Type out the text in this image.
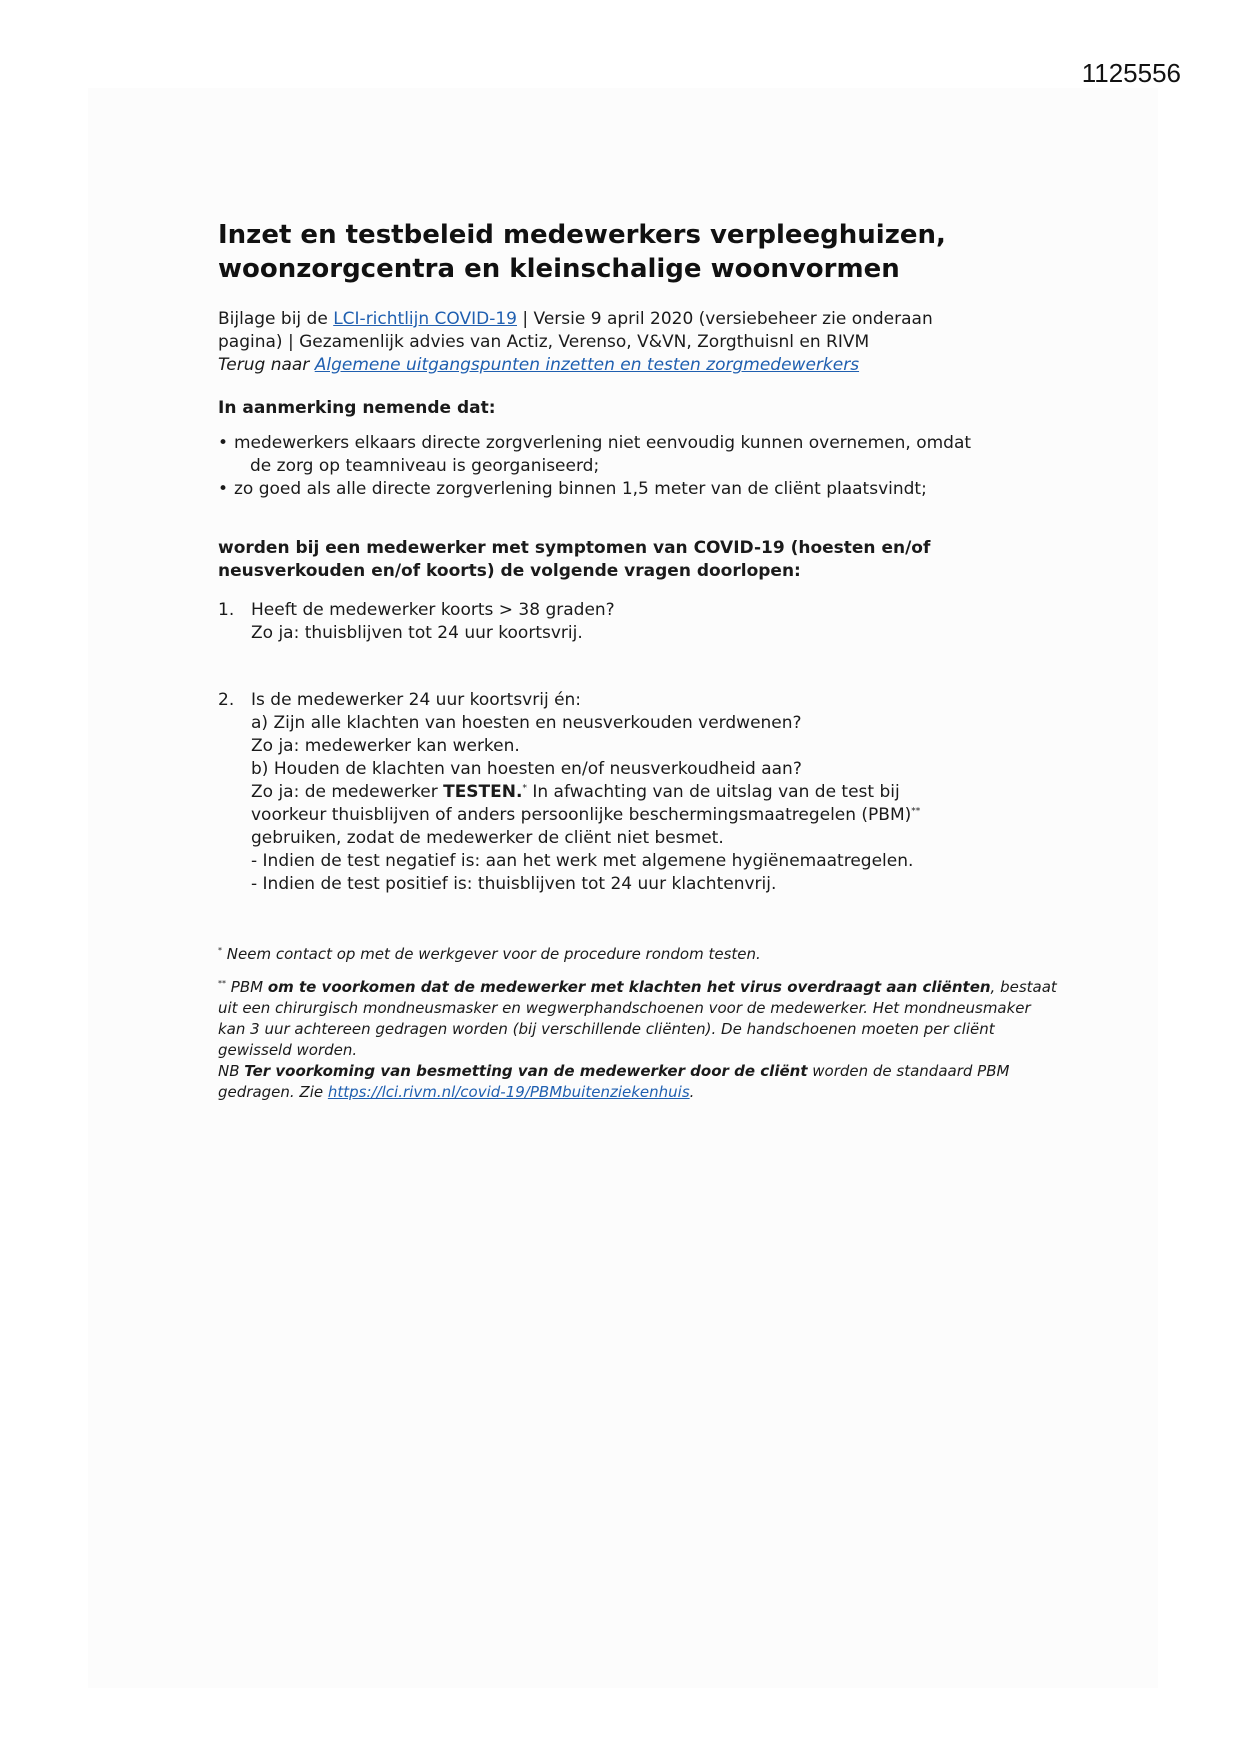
1125556
Inzet en testbeleid medewerkers verpleeghuizen,
woonzorgcentra en kleinschalige woonvormen

Bijlage bij de LCI-richtlijn COVID-19 | Versie 9 april 2020 (versiebeheer zie onderaan

pagina) | Gezamenlijk advies van Actiz, Verenso, V&VN, Zorgthuisnl en RIVM

Terug naar Algemene uitgangspunten inzetten en testen zorgmedewerkers

In aanmerking nemende dat:
• medewerkers elkaars directe zorgverlening niet eenvoudig kunnen overnemen, omdat
de zorg op teamniveau is georganiseerd;
• zo goed als alle directe zorgverlening binnen 1,5 meter van de cliënt plaatsvindt;
worden bij een medewerker met symptomen van COVID-19 (hoesten en/of
neusverkouden en/of koorts) de volgende vragen doorlopen:
1. Heeft de medewerker koorts > 38 graden?
Zo ja: thuisblijven tot 24 uur koortsvrij.
2. Is de medewerker 24 uur koortsvrij én:
a) Zijn alle klachten van hoesten en neusverkouden verdwenen?
Zo ja: medewerker kan werken.
b) Houden de klachten van hoesten en/of neusverkoudheid aan?
Zo ja: de medewerker TESTEN.* In afwachting van de uitslag van de test bij
voorkeur thuisblijven of anders persoonlijke beschermingsmaatregelen (PBM)**
gebruiken, zodat de medewerker de cliënt niet besmet.
- Indien de test negatief is: aan het werk met algemene hygiënemaatregelen.
- Indien de test positief is: thuisblijven tot 24 uur klachtenvrij.

* Neem contact op met de werkgever voor de procedure rondom testen.

** PBM om te voorkomen dat de medewerker met klachten het virus overdraagt aan cliënten, bestaat uit een chirurgisch mondneusmasker en wegwerphandschoenen voor de medewerker. Het mondneusmaker kan 3 uur achtereen gedragen worden (bij verschillende cliënten). De handschoenen moeten per cliënt gewisseld worden.
NB Ter voorkoming van besmetting van de medewerker door de cliënt worden de standaard PBM gedragen. Zie https://lci.rivm.nl/covid-19/PBMbuitenziekenhuis.
